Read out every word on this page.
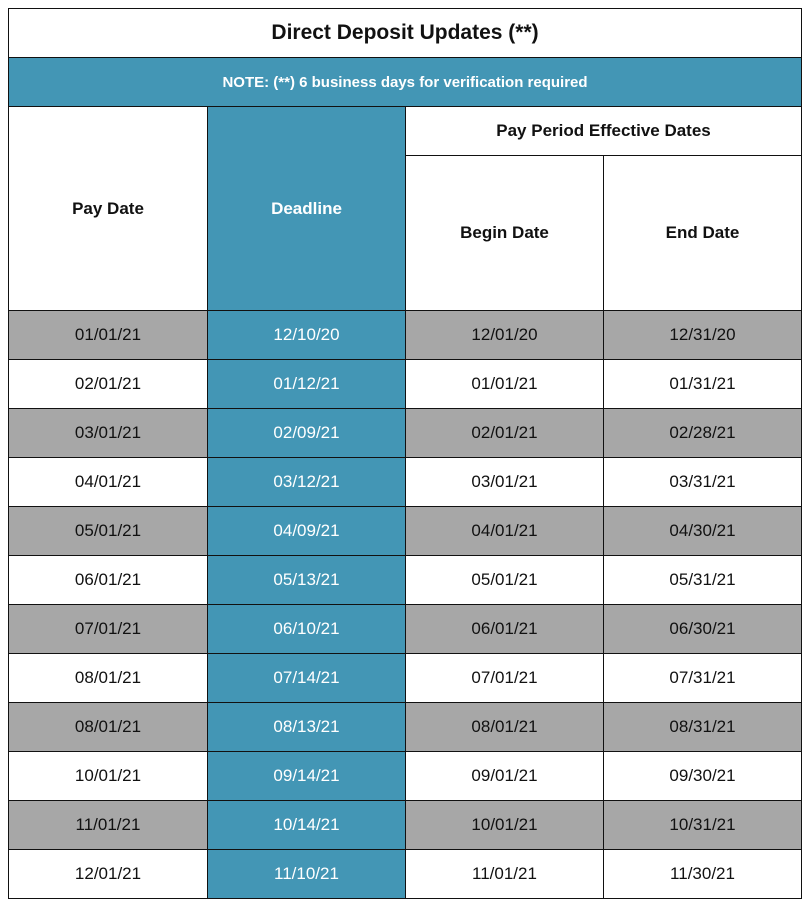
Direct Deposit Updates (**)			
NOTE: (**) 6 business days for verification required			
Pay Date	Deadline	Pay Period Effective Dates	
		Begin Date	End Date
01/01/21	12/10/20	12/01/20	12/31/20
02/01/21	01/12/21	01/01/21	01/31/21
03/01/21	02/09/21	02/01/21	02/28/21
04/01/21	03/12/21	03/01/21	03/31/21
05/01/21	04/09/21	04/01/21	04/30/21
06/01/21	05/13/21	05/01/21	05/31/21
07/01/21	06/10/21	06/01/21	06/30/21
08/01/21	07/14/21	07/01/21	07/31/21
08/01/21	08/13/21	08/01/21	08/31/21
10/01/21	09/14/21	09/01/21	09/30/21
11/01/21	10/14/21	10/01/21	10/31/21
12/01/21	11/10/21	11/01/21	11/30/21
